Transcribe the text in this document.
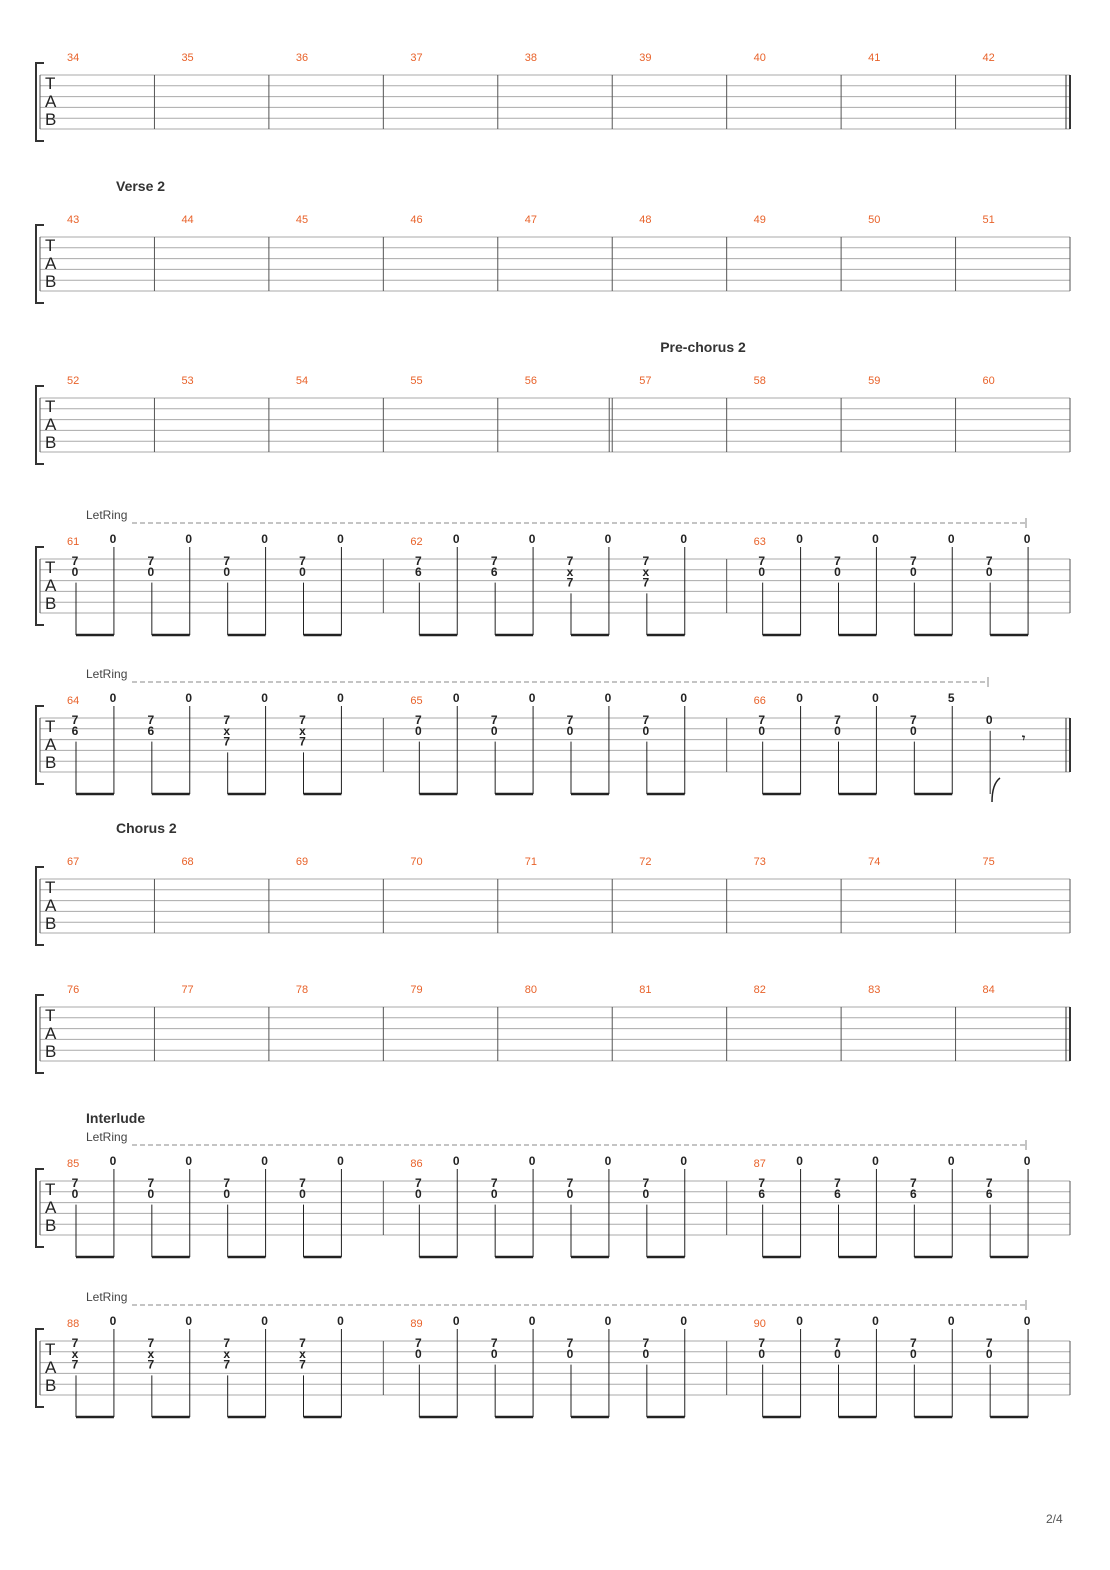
T
A
B
34	35	36	37	38	39	40	41	42
T
A
B
43	44	45	46	47	48	49	50	51
Verse 2
T
A
B
52	53	54	55	56	57	58	59	60
Pre-chorus 2
T
A
B
61
7
0
0
7
0
0
7
0
0
7
0
0	62
7
6
0
7
6
0
7
x
7
0
7
x
7
0	63
7
0
0
7
0
0
7
0
0
7
0
0
LetRing
T
A
B
64
7
6
0
7
6
0
7
x
7
0
7
x
7
0	65
7
0
0
7
0
0
7
0
0
7
0
0	66
7
0
0
7
0
0
7
0
5
0
𝄾
LetRing
T
A
B
67	68	69	70	71	72	73	74	75
Chorus 2
T
A
B
76	77	78	79	80	81	82	83	84
T
A
B
85
7
0
0
7
0
0
7
0
0
7
0
0	86
7
0
0
7
0
0
7
0
0
7
0
0	87
7
6
0
7
6
0
7
6
0
7
6
0
Interlude
LetRing
T
A
B
88
7
x
7
0
7
x
7
0
7
x
7
0
7
x
7
0	89
7
0
0
7
0
0
7
0
0
7
0
0	90
7
0
0
7
0
0
7
0
0
7
0
0
LetRing
2/4
